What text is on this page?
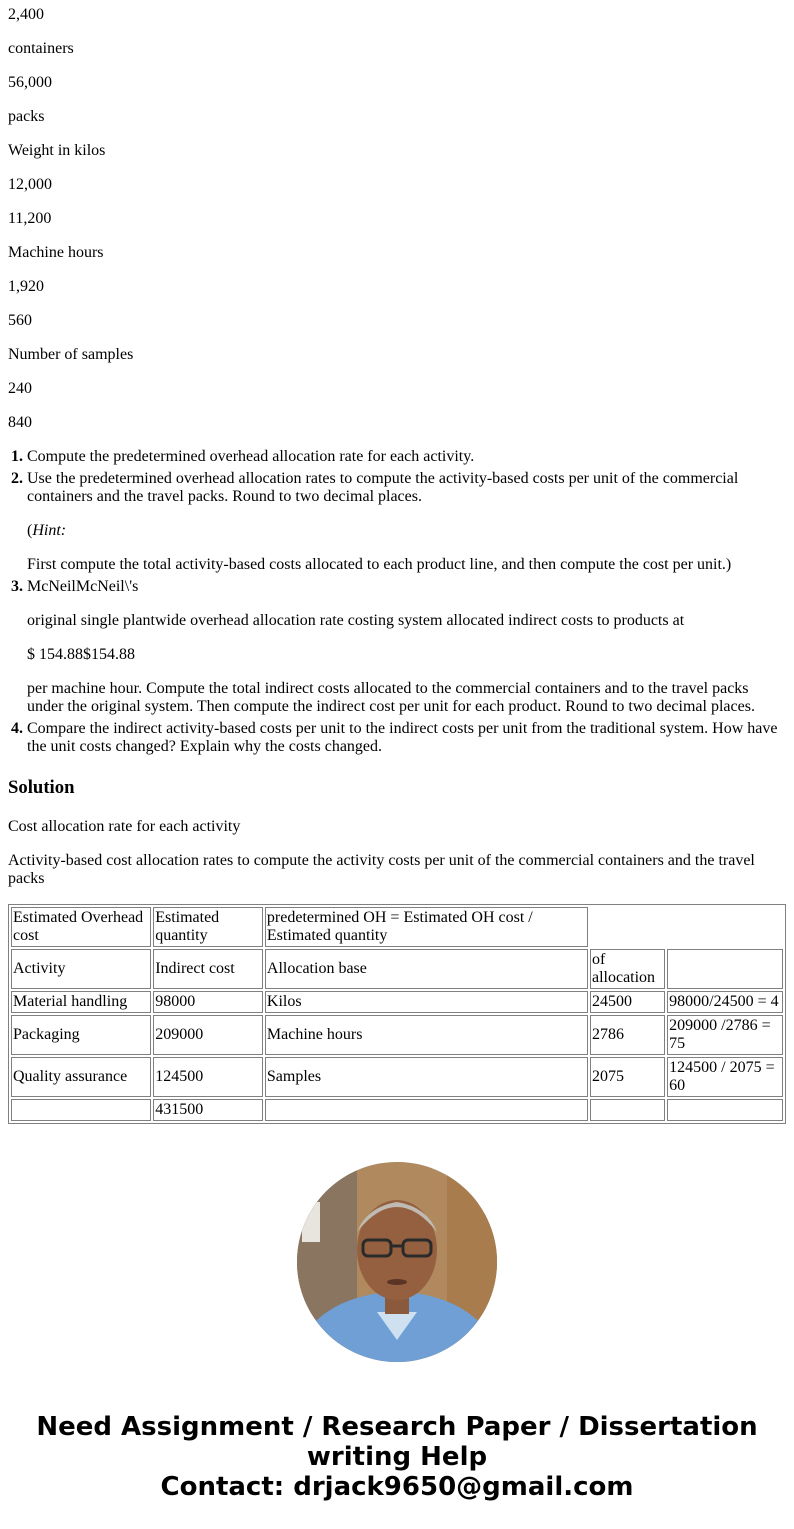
2,400

containers

56,000

packs

Weight in kilos

12,000

11,200

Machine hours

1,920

560

Number of samples

240

840

1. Compute the predetermined overhead allocation rate for each activity.

2. Use the predetermined overhead allocation rates to compute the activity-based costs per unit of the commercial containers and the travel packs. Round to two decimal places.

(Hint:

First compute the total activity-based costs allocated to each product line, and then compute the cost per unit.)

3. McNeilMcNeil\'s

original single plantwide overhead allocation rate costing system allocated indirect costs to products at

$ 154.88$154.88

per machine hour. Compute the total indirect costs allocated to the commercial containers and to the travel packs under the original system. Then compute the indirect cost per unit for each product. Round to two decimal places.

4. Compare the indirect activity-based costs per unit to the indirect costs per unit from the traditional system. How have the unit costs changed? Explain why the costs changed.
Solution

Cost allocation rate for each activity

Activity-based cost allocation rates to compute the activity costs per unit of the commercial containers and the travel packs

Estimated Overhead cost	Estimated quantity	predetermined OH = Estimated OH cost / Estimated quantity		
Activity	Indirect cost	Allocation base	of allocation	
Material handling	98000	Kilos	24500	98000/24500 = 4
Packaging	209000	Machine hours	2786	209000 /2786 = 75
Quality assurance	124500	Samples	2075	124500 / 2075 = 60
	431500			
Need Assignment / Research Paper / Dissertation writing Help
Contact: drjack9650@gmail.com
